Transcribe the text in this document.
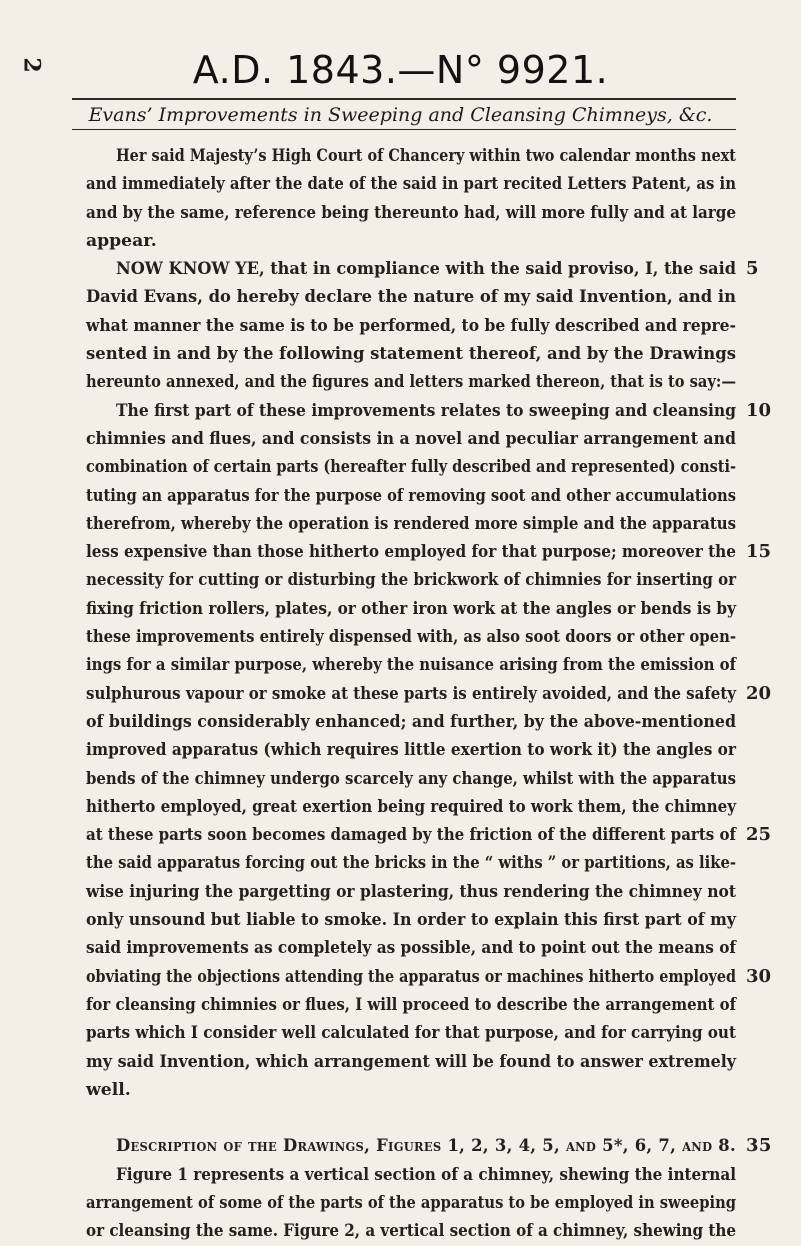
2	A.D. 1843.—N° 9921.
Evans’ Improvements in Sweeping and Cleansing Chimneys, &c.
Her said Majesty’s High Court of Chancery within two calendar months next
and immediately after the date of the said in part recited Letters Patent, as in
and by the same, reference being thereunto had, will more fully and at large
appear.
NOW KNOW YE, that in compliance with the said proviso, I, the said 5
David Evans, do hereby declare the nature of my said Invention, and in
what manner the same is to be performed, to be fully described and repre-
sented in and by the following statement thereof, and by the Drawings
hereunto annexed, and the figures and letters marked thereon, that is to say:—
The first part of these improvements relates to sweeping and cleansing 10
chimnies and flues, and consists in a novel and peculiar arrangement and
combination of certain parts (hereafter fully described and represented) consti-
tuting an apparatus for the purpose of removing soot and other accumulations
therefrom, whereby the operation is rendered more simple and the apparatus
less expensive than those hitherto employed for that purpose; moreover the 15
necessity for cutting or disturbing the brickwork of chimnies for inserting or
fixing friction rollers, plates, or other iron work at the angles or bends is by
these improvements entirely dispensed with, as also soot doors or other open-
ings for a similar purpose, whereby the nuisance arising from the emission of
sulphurous vapour or smoke at these parts is entirely avoided, and the safety 20
of buildings considerably enhanced; and further, by the above-mentioned
improved apparatus (which requires little exertion to work it) the angles or
bends of the chimney undergo scarcely any change, whilst with the apparatus
hitherto employed, great exertion being required to work them, the chimney
at these parts soon becomes damaged by the friction of the different parts of 25
the said apparatus forcing out the bricks in the “ withs ” or partitions, as like-
wise injuring the pargetting or plastering, thus rendering the chimney not
only unsound but liable to smoke. In order to explain this first part of my
said improvements as completely as possible, and to point out the means of
obviating the objections attending the apparatus or machines hitherto employed 30
for cleansing chimnies or flues, I will proceed to describe the arrangement of
parts which I consider well calculated for that purpose, and for carrying out
my said Invention, which arrangement will be found to answer extremely
well.
Description of the Drawings, Figures 1, 2, 3, 4, 5, and 5*, 6, 7, and 8. 35
Figure 1 represents a vertical section of a chimney, shewing the internal
arrangement of some of the parts of the apparatus to be employed in sweeping
or cleansing the same. Figure 2, a vertical section of a chimney, shewing the
